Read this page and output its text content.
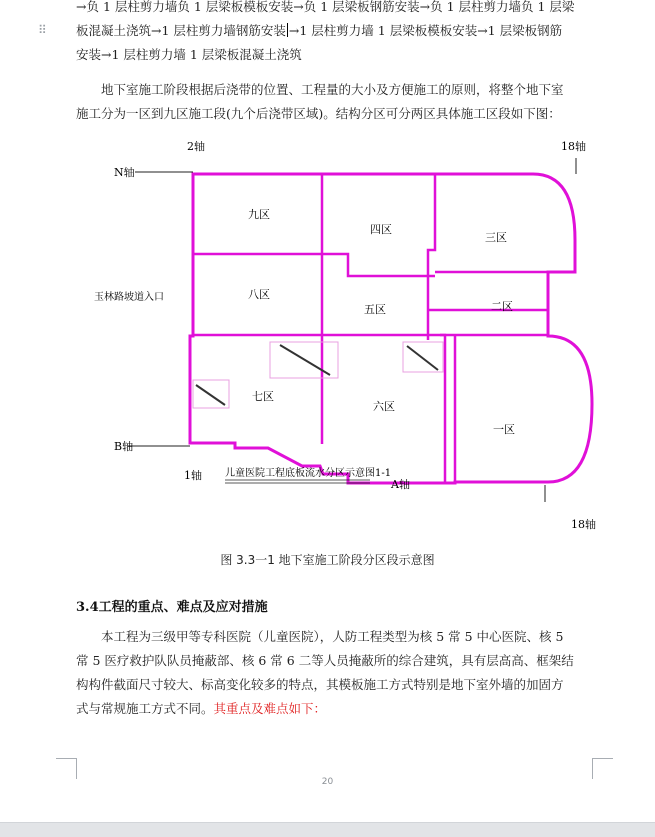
⠿

→负 1 层柱剪力墙负 1 层梁板模板安装→负 1 层梁板钢筋安装→负 1 层柱剪力墙负 1 层梁
板混凝土浇筑→1 层柱剪力墙钢筋安装 →1 层柱剪力墙 1 层梁板模板安装→1 层梁板钢筋
安装→1 层柱剪力墙 1 层梁板混凝土浇筑

地下室施工阶段根据后浇带的位置、工程量的大小及方便施工的原则，将整个地下室
施工分为一区到九区施工段(九个后浇带区域)。结构分区可分两区具体施工区段如下图：

2轴	18轴
N轴
B轴
1轴
A轴
18轴
玉林路坡道入口
儿童医院工程底板流水分区示意图1-1
九区
四区
三区
八区
五区	二区
七区
六区
一区
图 3.3一1 地下室施工阶段分区段示意图
3.4工程的重点、难点及应对措施

本工程为三级甲等专科医院（儿童医院），人防工程类型为核 5 常 5 中心医院、核 5
常 5 医疗救护队队员掩蔽部、核 6 常 6 二等人员掩蔽所的综合建筑，具有层高高、框架结
构构件截面尺寸较大、标高变化较多的特点，其模板施工方式特别是地下室外墙的加固方
式与常规施工方式不同。其重点及难点如下：

20
